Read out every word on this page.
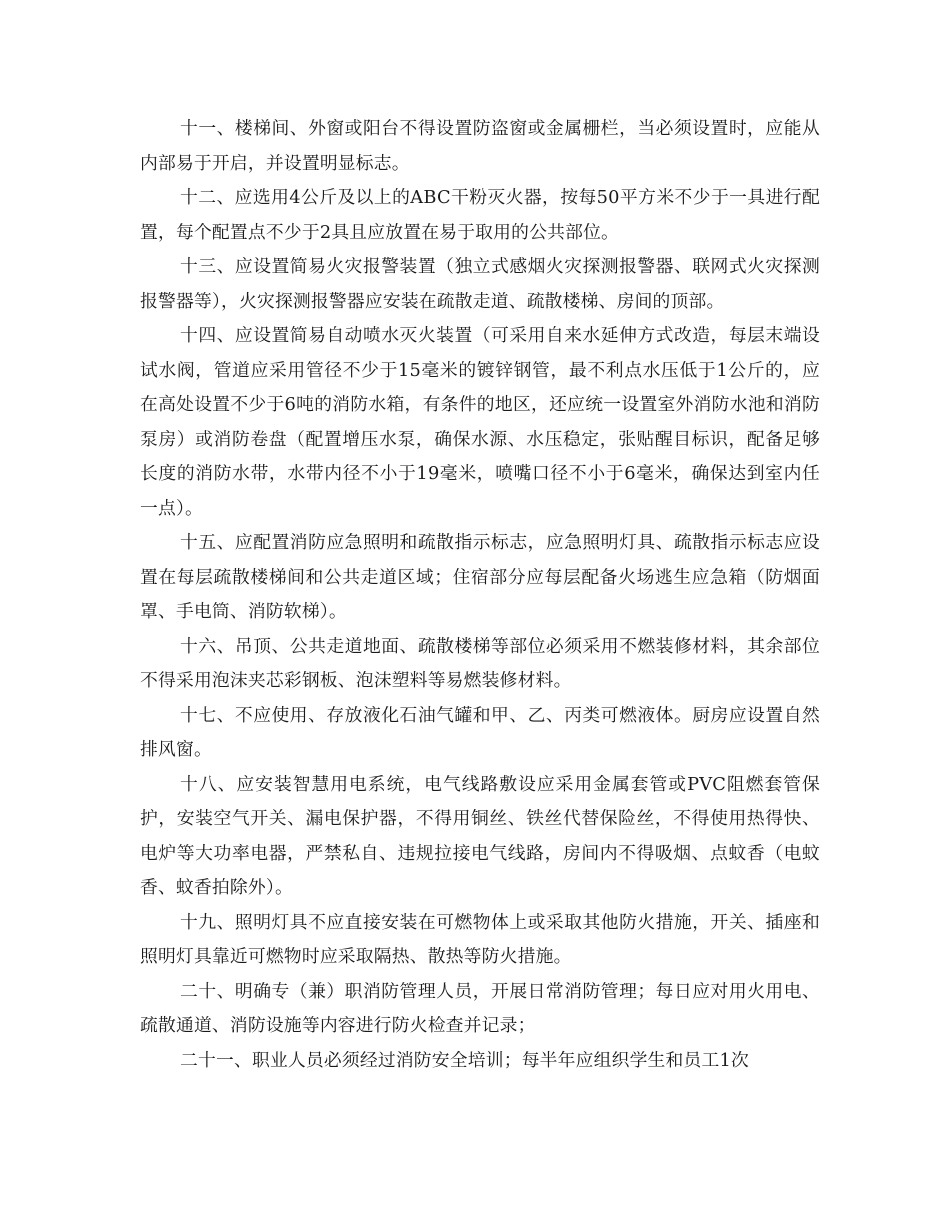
十一、楼梯间、外窗或阳台不得设置防盗窗或金属栅栏，当必须设置时，应能从内部易于开启，并设置明显标志。

十二、应选用4公斤及以上的ABC干粉灭火器，按每50平方米不少于一具进行配置，每个配置点不少于2具且应放置在易于取用的公共部位。

十三、应设置简易火灾报警装置（独立式感烟火灾探测报警器、联网式火灾探测报警器等），火灾探测报警器应安装在疏散走道、疏散楼梯、房间的顶部。

十四、应设置简易自动喷水灭火装置（可采用自来水延伸方式改造，每层末端设试水阀，管道应采用管径不少于15毫米的镀锌钢管，最不利点水压低于1公斤的，应在高处设置不少于6吨的消防水箱，有条件的地区，还应统一设置室外消防水池和消防泵房）或消防卷盘（配置增压水泵，确保水源、水压稳定，张贴醒目标识，配备足够长度的消防水带，水带内径不小于19毫米，喷嘴口径不小于6毫米，确保达到室内任一点）。

十五、应配置消防应急照明和疏散指示标志，应急照明灯具、疏散指示标志应设置在每层疏散楼梯间和公共走道区域；住宿部分应每层配备火场逃生应急箱（防烟面罩、手电筒、消防软梯）。

十六、吊顶、公共走道地面、疏散楼梯等部位必须采用不燃装修材料，其余部位不得采用泡沫夹芯彩钢板、泡沫塑料等易燃装修材料。

十七、不应使用、存放液化石油气罐和甲、乙、丙类可燃液体。厨房应设置自然排风窗。

十八、应安装智慧用电系统，电气线路敷设应采用金属套管或PVC阻燃套管保护，安装空气开关、漏电保护器，不得用铜丝、铁丝代替保险丝，不得使用热得快、电炉等大功率电器，严禁私自、违规拉接电气线路，房间内不得吸烟、点蚊香（电蚊香、蚊香拍除外）。

十九、照明灯具不应直接安装在可燃物体上或采取其他防火措施，开关、插座和照明灯具靠近可燃物时应采取隔热、散热等防火措施。

二十、明确专（兼）职消防管理人员，开展日常消防管理；每日应对用火用电、疏散通道、消防设施等内容进行防火检查并记录；

二十一、职业人员必须经过消防安全培训；每半年应组织学生和员工1次
